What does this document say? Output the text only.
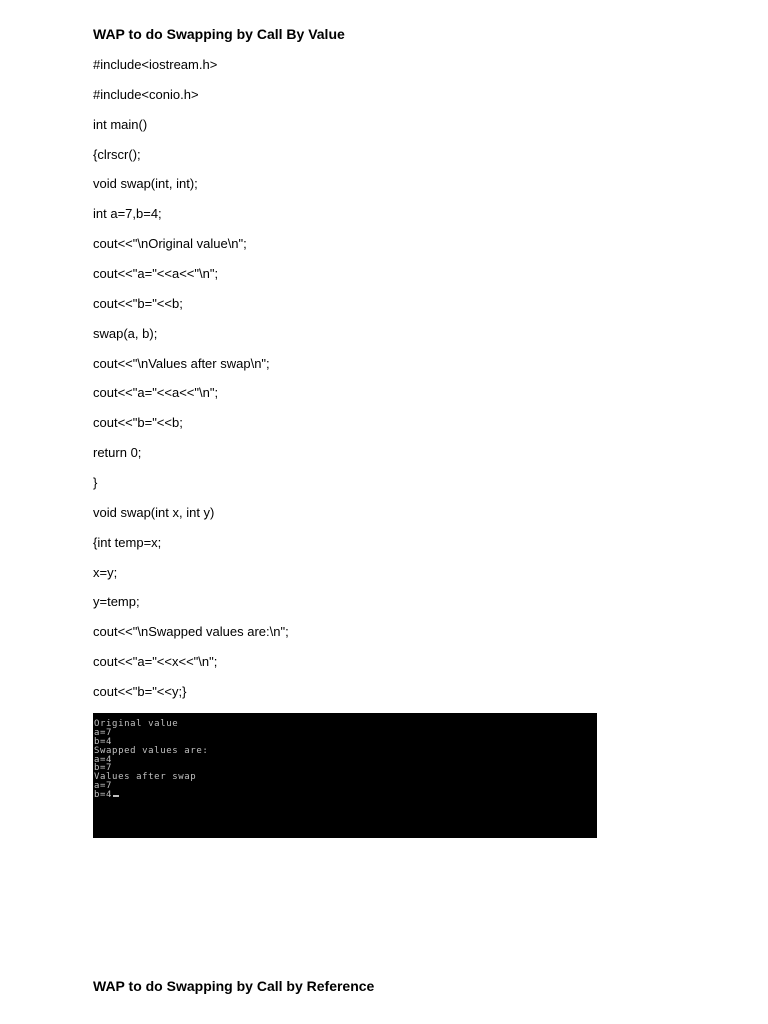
WAP to do Swapping by Call By Value
#include<iostream.h>
#include<conio.h>
int main()
{clrscr();
void swap(int, int);
int a=7,b=4;
cout<<"\nOriginal value\n";
cout<<"a="<<a<<"\n";
cout<<"b="<<b;
swap(a, b);
cout<<"\nValues after swap\n";
cout<<"a="<<a<<"\n";
cout<<"b="<<b;
return 0;
}
void swap(int x, int y)
{int temp=x;
x=y;
y=temp;
cout<<"\nSwapped values are:\n";
cout<<"a="<<x<<"\n";
cout<<"b="<<y;}
Original value
a=7
b=4
Swapped values are:
a=4
b=7
Values after swap
a=7
b=4
WAP to do Swapping by Call by Reference
